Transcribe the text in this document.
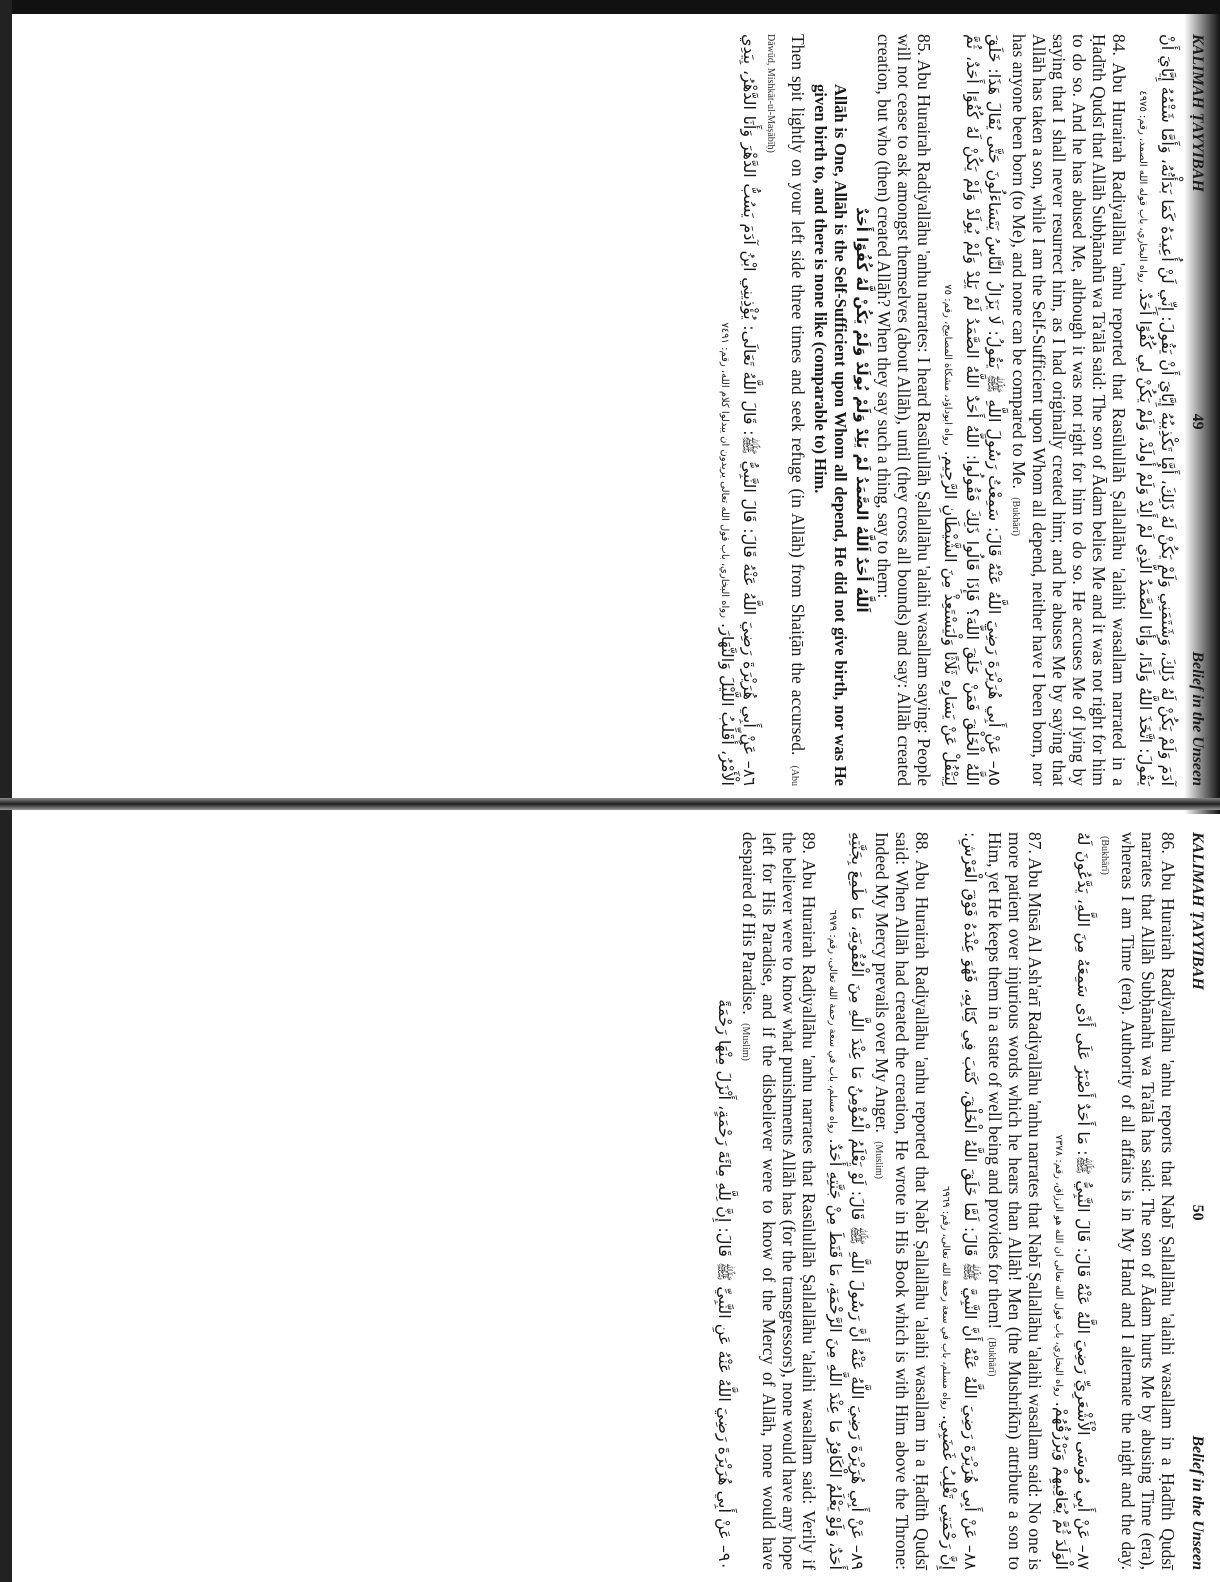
KALIMAH ṬAYYIBAH
49
Belief in the Unseen

آدَمَ وَلَمْ يَكُنْ لَهُ ذَلِكَ، وَشَتَمَنِي وَلَمْ يَكُنْ لَهُ ذَلِكَ، أَمَّا تَكْذِيبُهُ إِيَّايَ أَنْ يَقُولَ: إِنِّي لَنْ أُعِيدَهُ كَمَا بَدَأْتُهُ، وَأَمَّا شَتْمُهُ إِيَّايَ أَنْ يَقُولَ: اتَّخَذَ اللَّهُ وَلَدًا، وَأَنَا الصَّمَدُ الَّذِي لَمْ أَلِدْ وَلَمْ أُولَدْ، وَلَمْ يَكُنْ لِي كُفُوًا أَحَدٌ. رواه البخاري، باب قوله الله الصمد، رقم: ٤٩٧٥

84. Abu Hurairah Radiyallāhu 'anhu reported that Rasūlullāh Ṣallallāhu 'alaihi wasallam narrated in a Ḥadīth Qudsī that Allāh Subḥānahū wa Ta'ālā said: The son of Ādam belies Me and it was not right for him to do so. And he has abused Me, although it was not right for him to do so. He accuses Me of lying by saying that I shall never resurrect him, as I had originally created him; and he abuses Me by saying that Allāh has taken a son, while I am the Self-Sufficient upon Whom all depend, neither have I been born, nor has anyone been born (to Me), and none can be compared to Me. (Bukhārī)

٨٥– عَنْ أَبِي هُرَيْرَةَ رَضِيَ اللَّهُ عَنْهُ قَالَ: سَمِعْتُ رَسُولَ اللَّهِ ﷺ يَقُولُ: لَا يَزَالُ النَّاسُ يَتَسَاءَلُونَ حَتَّى يُقَالَ هَذَا: خَلَقَ اللَّهُ الْخَلْقَ فَمَنْ خَلَقَ اللَّهَ؟ فَإِذَا قَالُوا ذَلِكَ فَقُولُوا: اللَّهُ أَحَدٌ اللَّهُ الصَّمَدُ لَمْ يَلِدْ وَلَمْ يُولَدْ وَلَمْ يَكُنْ لَهُ كُفُوًا أَحَدٌ، ثُمَّ لِيَتْفُلْ عَنْ يَسَارِهِ ثَلَاثًا وَلْيَسْتَعِذْ مِنَ الشَّيْطَانِ الرَّجِيمِ. رواه ابوداؤد، مشكاة المصابيح، رقم: ٧٥

85. Abu Hurairah Radiyallāhu 'anhu narrates: I heard Rasūlullāh Ṣallallāhu 'alaihi wasallam saying: People will not cease to ask amongst themselves (about Allāh), until (they cross all bounds) and say: Allāh created creation, but who (then) created Allāh? When they say such a thing, say to them:

اَللَّهُ أَحَدٌ اَللَّهُ الصَّمَدُ لَمْ يَلِدْ وَلَمْ يُولَدْ وَلَمْ يَكُنْ لَّهُ كُفُوًا أَحَدٌ

Allāh is One, Allāh is the Self-Sufficient upon Whom all depend, He did not give birth, nor was He given birth to, and there is none like (comparable to) Him.

Then spit lightly on your left side three times and seek refuge (in Allāh) from Shaiṭān the accursed. (Abu Dāwūd, Mishkāt-ul-Maṣābīḥ)

٨٦– عَنْ أَبِي هُرَيْرَةَ رَضِيَ اللَّهُ عَنْهُ قَالَ: قَالَ النَّبِيُّ ﷺ: قَالَ اللَّهُ تَعَالَى: يُؤْذِينِي ابْنُ آدَمَ يَسُبُّ الدَّهْرَ وَأَنَا الدَّهْرُ، بِيَدِي الْأَمْرُ، أُقَلِّبُ اللَّيْلَ وَالنَّهَارَ. رواه البخاري، باب قول الله تعالى يريدون ان يبدلوا كلام الله، رقم: ٧٤٩١

KALIMAH ṬAYYIBAH
50
Belief in the Unseen

86. Abu Hurairah Radiyallāhu 'anhu reports that Nabī Ṣallallāhu 'alaihi wasallam in a Ḥadīth Qudsī narrates that Allāh Subḥānahū wa Ta'ālā has said: The son of Ādam hurts Me by abusing Time (era), whereas I am Time (era). Authority of all affairs is in My Hand and I alternate the night and the day. (Bukhārī)

٨٧– عَنْ أَبِي مُوسَى الْأَشْعَرِيِّ رَضِيَ اللَّهُ عَنْهُ قَالَ: قَالَ النَّبِيُّ ﷺ: مَا أَحَدٌ أَصْبَرُ عَلَى أَذًى سَمِعَهُ مِنَ اللَّهِ، يَدَّعُونَ لَهُ الْوَلَدَ ثُمَّ يُعَافِيهِمْ وَيَرْزُقُهُمْ. رواه البخاري، باب قول الله تعالى ان الله هو الرزاق، رقم: ٧٣٧٨

87. Abu Mūsā Al Ash'arī Radiyallāhu 'anhu narrates that Nabī Ṣallallāhu 'alaihi wasallam said: No one is more patient over injurious words which he hears than Allāh! Men (the Mushrikīn) attribute a son to Him, yet He keeps them in a state of well being and provides for them! (Bukhārī)

٨٨– عَنْ أَبِي هُرَيْرَةَ رَضِيَ اللَّهُ عَنْهُ أَنَّ النَّبِيَّ ﷺ قَالَ: لَمَّا خَلَقَ اللَّهُ الْخَلْقَ، كَتَبَ فِي كِتَابِهِ، فَهُوَ عِنْدَهُ فَوْقَ الْعَرْشِ: إِنَّ رَحْمَتِي تَغْلِبُ غَضَبِي. رواه مسلم، باب في سعة رحمة الله تعالى، رقم: ٦٩٦٩

88. Abu Hurairah Radiyallāhu 'anhu reported that Nabī Ṣallallāhu 'alaihi wasallam in a Ḥadīth Qudsī said: When Allāh had created the creation, He wrote in His Book which is with Him above the Throne: Indeed My Mercy prevails over My Anger. (Muslim)

٨٩– عَنْ أَبِي هُرَيْرَةَ رَضِيَ اللَّهُ عَنْهُ أَنَّ رَسُولَ اللَّهِ ﷺ قَالَ: لَوْ يَعْلَمُ الْمُؤْمِنُ مَا عِنْدَ اللَّهِ مِنَ الْعُقُوبَةِ، مَا طَمِعَ بِجَنَّتِهِ أَحَدٌ، وَلَوْ يَعْلَمُ الْكَافِرُ مَا عِنْدَ اللَّهِ مِنَ الرَّحْمَةِ، مَا قَنَطَ مِنْ جَنَّتِهِ أَحَدٌ. رواه مسلم، باب في سعة رحمة الله تعالى، رقم: ٦٩٧٩

89. Abu Hurairah Radiyallāhu 'anhu narrates that Rasūlullāh Ṣallallāhu 'alaihi wasallam said: Verily if the believer were to know what punishments Allāh has (for the transgressors), none would have any hope left for His Paradise, and if the disbeliever were to know of the Mercy of Allāh, none would have despaired of His Paradise. (Muslim)

٩٠– عَنْ أَبِي هُرَيْرَةَ رَضِيَ اللَّهُ عَنْهُ عَنِ النَّبِيِّ ﷺ قَالَ: إِنَّ لِلَّهِ مِائَةَ رَحْمَةٍ، أَنْزَلَ مِنْهَا رَحْمَةً
